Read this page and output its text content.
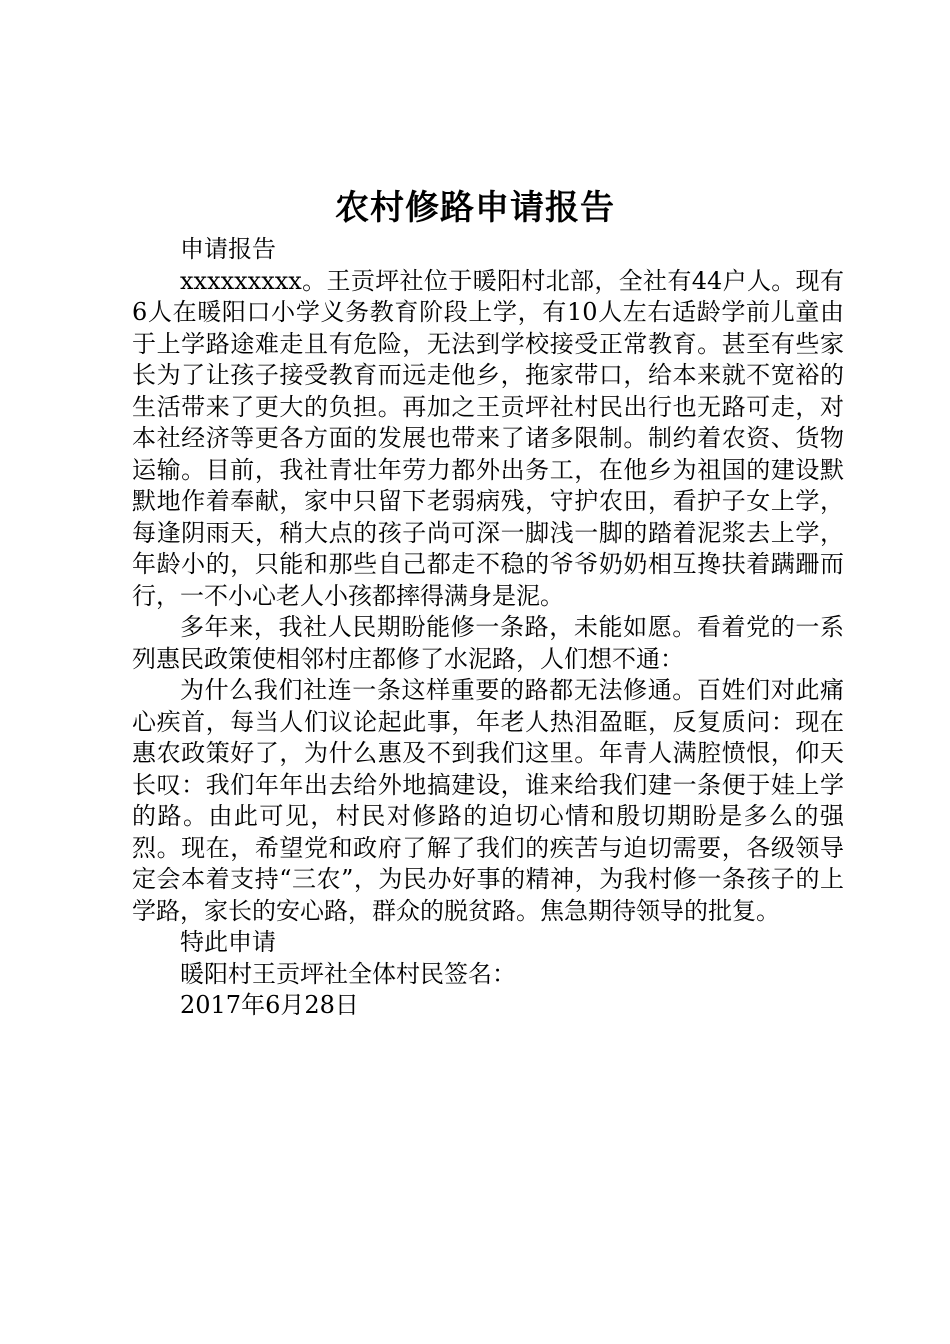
农村修路申请报告

申请报告

xxxxxxxxx。王贡坪社位于暖阳村北部，全社有44户人。现有6人在暖阳口小学义务教育阶段上学，有10人左右适龄学前儿童由于上学路途难走且有危险，无法到学校接受正常教育。甚至有些家长为了让孩子接受教育而远走他乡，拖家带口，给本来就不宽裕的生活带来了更大的负担。再加之王贡坪社村民出行也无路可走，对本社经济等更各方面的发展也带来了诸多限制。制约着农资、货物运输。目前，我社青壮年劳力都外出务工，在他乡为祖国的建设默默地作着奉献，家中只留下老弱病残，守护农田，看护子女上学，每逢阴雨天，稍大点的孩子尚可深一脚浅一脚的踏着泥浆去上学，年龄小的，只能和那些自己都走不稳的爷爷奶奶相互搀扶着蹒跚而行，一不小心老人小孩都摔得满身是泥。

多年来，我社人民期盼能修一条路，未能如愿。看着党的一系列惠民政策使相邻村庄都修了水泥路，人们想不通：

为什么我们社连一条这样重要的路都无法修通。百姓们对此痛心疾首，每当人们议论起此事，年老人热泪盈眶，反复质问：现在惠农政策好了，为什么惠及不到我们这里。年青人满腔愤恨，仰天长叹：我们年年出去给外地搞建设，谁来给我们建一条便于娃上学的路。由此可见，村民对修路的迫切心情和殷切期盼是多么的强烈。现在，希望党和政府了解了我们的疾苦与迫切需要，各级领导定会本着支持“三农”，为民办好事的精神，为我村修一条孩子的上学路，家长的安心路，群众的脱贫路。焦急期待领导的批复。

特此申请

暖阳村王贡坪社全体村民签名：

2017年6月28日
